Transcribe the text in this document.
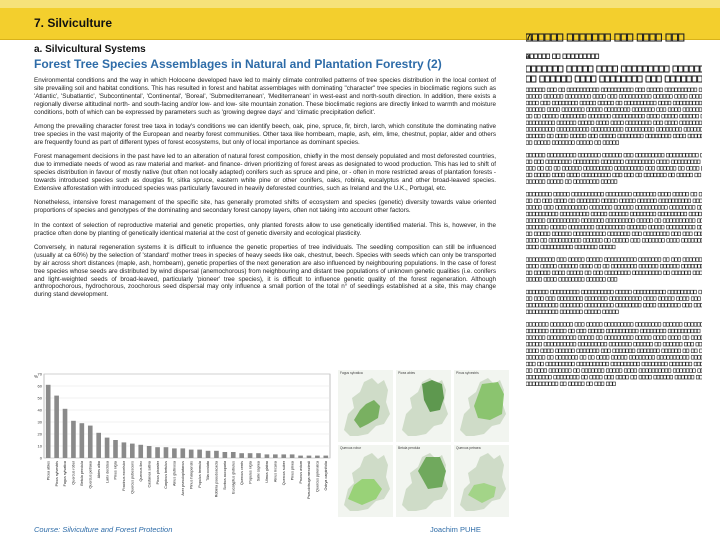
7. Silviculture
a. Silvicultural Systems
Forest Tree Species Assemblages in Natural and Plantation Forestry (2)

Environmental conditions and the way in which Holocene developed have led to mainly climate controlled patterns of tree species distribution in the local context of site prevailing soil and habitat conditions. This has resulted in forest and habitat assemblages with dominating "character" tree species in bioclimatic regions such as 'Atlantic', 'Subatlantic', 'Subcontinental', 'Continental', 'Boreal', 'Submediterranean', 'Mediterranean' in west-east and north-south direction. In addition, there exists a regionally diverse altitudinal north- and south-facing and/or low- and low- site mountain zonation. These bioclimatic regions are directly linked to warmth and moisture conditions, both of which can be expressed by parameters such as 'growing degree days' and 'climatic precipitation deficit'.

Among the prevailing character forest tree taxa in today's conditions we can identify beech, oak, pine, spruce, fir, birch, larch, which constitute the dominating native tree species in the vast majority of the European and nearby forest communities. Other taxa like hornbeam, maple, ash, elm, lime, chestnut, poplar, alder and others are frequently found as part of different types of forest ecosystems, but only of local importance as dominant species.

Forest management decisions in the past have led to an alteration of natural forest composition, chiefly in the most densely populated and most deforested countries, due to immediate needs of wood as raw material and market- and finance- driven prioritizing of forest areas as designated to wood production. This has led to shift of species distribution in favour of mostly native (but often not locally adapted) conifers such as spruce and pine, or - often in more restricted areas of plantation forests - towards introduced species such as douglas fir, sitka spruce, eastern white pine or other conifers, oaks, robinia, eucalyptus and other broad-leaved species. Extensive afforestation with introduced species was particularly favoured in heavily deforested countries, such as Ireland and the U.K., Portugal, etc.

Nonetheless, intensive forest management of the specific site, has generally promoted shifts of ecosystem and species (genetic) diversity towards value oriented proportions of species and genotypes of the dominating and secondary forest canopy layers, often not taking into account other factors.

In the context of selection of reproductive material and genetic properties, only planted forests allow to use genetically identified material. This is, however, in the practice often done by planting of genetically identical material at the cost of genetic diversity and ecological plasticity.

Conversely, in natural regeneration systems it is difficult to influence the genetic properties of tree individuals. The seedling composition can still be influenced (usually at ca 60%) by the selection of 'standard' mother trees in species of heavy seeds like oak, chestnut, beech. Species with seeds which can only be transported by air across short distances (maple, ash, hornbeam), genetic properties of the next generation are also influenced by neighbouring populations. In the case of forest tree species whose seeds are distributed by wind dispersal (anemochorous) from neighbouring and distant tree populations of unknown genetic qualities (i.e. conifers and light-weighted seeds of broad-leaved, particularly 'pioneer' tree species), it is difficult to influence genetic quality of the forest regeneration. Although anthropochorous, hydrochorous, zoochorous seed dispersal may only influence a small portion of the total n° of seedlings established at a site, this may change during stand development.

0
10
20
30
40
50
60
70
%
Picea abies Pinus sylvestris Fagus sylvatica Quercus robur Betula pendula Quercus petraea Abies alba Larix decidua Pinus nigra Fraxinus excelsior Quercus pubescens Quercus ilex Castanea sativa Pinus pinaster Carpinus betulus Alnus glutinosa Acer pseudoplatanus Pinus halepensis Populus tremula Tilia cordata Robinia pseudoacacia Sorbus aucuparia Eucalyptus globulus Quercus cerris Populus nigra Salix caprea Ulmus glabra Alnus incana Quercus suber Pinus pinea Prunus avium Pseudotsuga menziesii Quercus pyrenaica Ostrya carpinifolia
Fagus sylvatica	Picea abies	Pinus sylvestris
Quercus robur	Betula pendula	Quercus petraea
7.
a.
Course: Silviculture and Forest Protection	Joachim PUHE
